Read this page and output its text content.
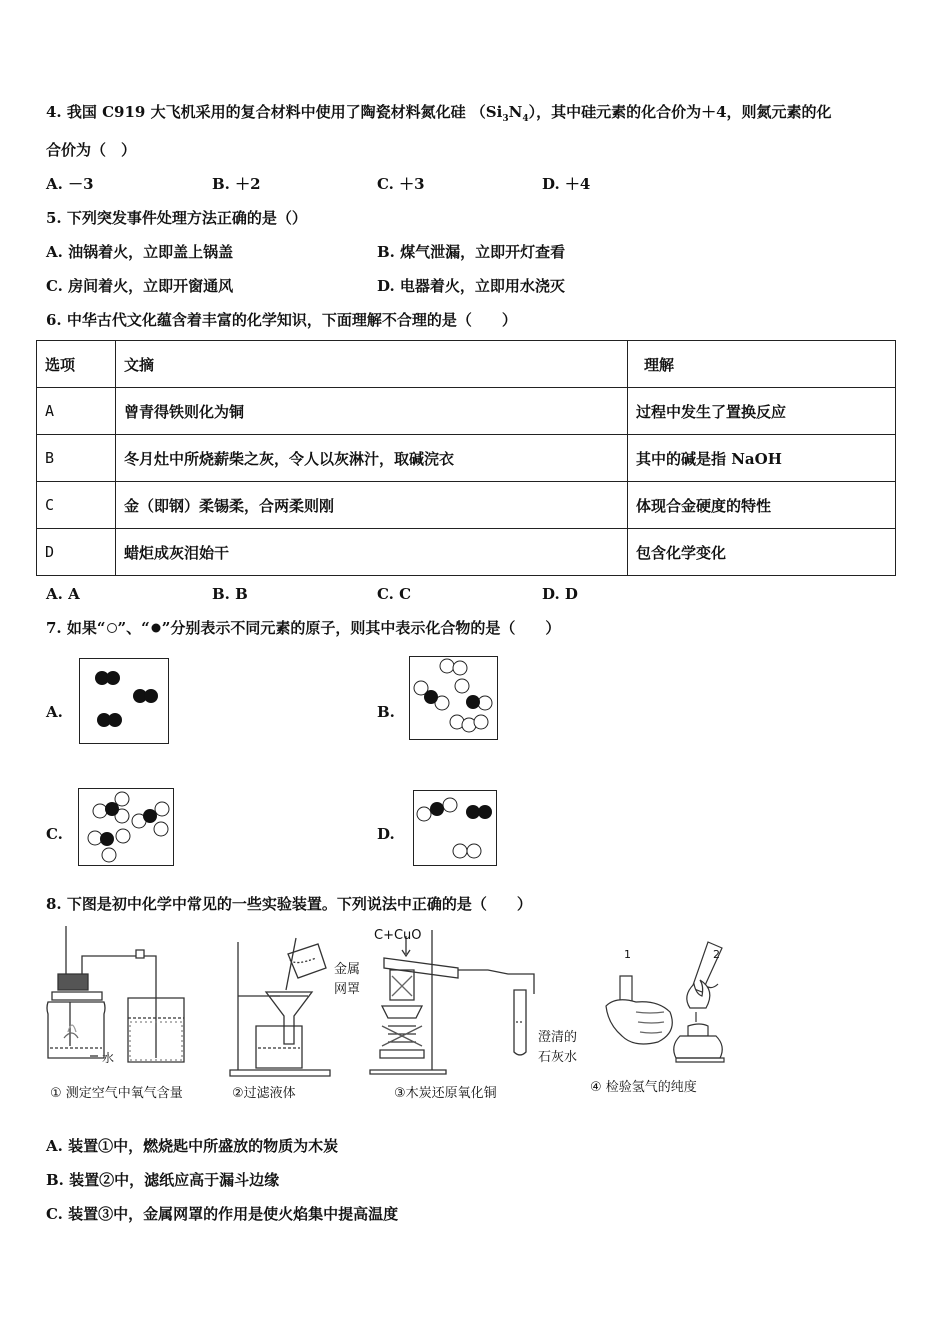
4. 我国 C919 大飞机采用的复合材料中使用了陶瓷材料氮化硅 $(Si_3N_4)$，其中硅元素的化合价为＋4，则氮元素的化
合价为（　）
A. －3	B. ＋2	C. ＋3	D. ＋4
5. 下列突发事件处理方法正确的是（）
A. 油锅着火，立即盖上锅盖	B. 煤气泄漏，立即开灯查看
C. 房间着火，立即开窗通风	D. 电器着火，立即用水浇灭
6. 中华古代文化蕴含着丰富的化学知识，下面理解不合理的是（　　）
选项	文摘	理解
A	曾青得铁则化为铜	过程中发生了置换反应
B	冬月灶中所烧薪柴之灰，令人以灰淋汁，取碱浣衣	其中的碱是指 NaOH
C	金（即钢）柔锡柔，合两柔则刚	体现合金硬度的特性
D	蜡炬成灰泪始干	包含化学变化
A. A	B. B	C. C	D. D
7. 如果“ ”、“ ”分别表示不同元素的原子，则其中表示化合物的是（　　）
A.	B.
C.	D.
8. 下图是初中化学中常见的一些实验装置。下列说法中正确的是（　　）
水
① 测定空气中氧气含量	②过滤液体
C+CuO
金属
网罩
澄清的
石灰水
③木炭还原氧化铜
1	2
④ 检验氢气的纯度
A. 装置①中，燃烧匙中所盛放的物质为木炭
B. 装置②中，滤纸应高于漏斗边缘
C. 装置③中，金属网罩的作用是使火焰集中提高温度
